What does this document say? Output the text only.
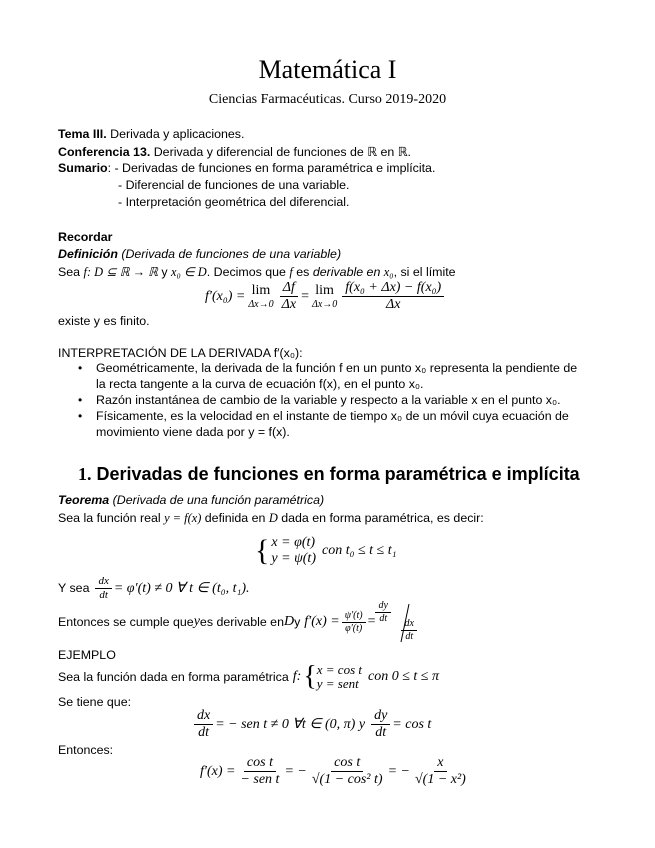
Matemática I
Ciencias Farmacéuticas. Curso 2019-2020
Tema III. Derivada y aplicaciones.
Conferencia 13. Derivada y diferencial de funciones de ℝ en ℝ.
Sumario: - Derivadas de funciones en forma paramétrica e implícita.
- Diferencial de funciones de una variable.
- Interpretación geométrica del diferencial.
Recordar
Definición (Derivada de funciones de una variable)
Sea f: D ⊆ ℝ → ℝ y x₀ ∈ D. Decimos que f es derivable en x₀, si el límite
f′(x₀) = lim
$\Delta x\to 0 \frac{\Delta f}{\Delta x} = \lim$
$\Delta x\to 0 \frac{\text{f(x₀ + Δx) − f(x₀)}}{\Delta x}$
existe y es finito.
INTERPRETACIÓN DE LA DERIVADA f′(x₀):
• Geométricamente, la derivada de la función f en un punto x₀ representa la pendiente de
la recta tangente a la curva de ecuación f(x), en el punto x₀.
• Razón instantánea de cambio de la variable y respecto a la variable x en el punto x₀.
• Físicamente, es la velocidad en el instante de tiempo x₀ de un móvil cuya ecuación de
movimiento viene dada por y = f(x).
1. Derivadas de funciones en forma paramétrica e implícita
Teorema (Derivada de una función paramétrica)
Sea la función real y = f(x) definida en D dada en forma paramétrica, es decir:
{ x = φ(t)
y = ψ(t)
con t₀ ≤ t ≤ t₁
Y sea $\frac{dx}{dt} = \varphi'(t) \ne 0$ ∀ t ∈ (t₀, t₁).
Entonces se cumple que y es derivable en D y $f'(x) = \frac{\psi'(t)}{\varphi'(t)} = \frac{dy}{dt}$
$\frac{dx}{dt}$
EJEMPLO
Sea la función dada en forma paramétrica f: { x = cos t
y = sent con 0 ≤ t ≤ π
Se tiene que:
$\frac{dx}{dt}$ = − sen t ≠ 0 ∀t ∈ (0, π) y $\frac{dy}{dt} = \cos t$
Entonces:
$f'(x) = \frac{\text{cos t}}{\text{− sen t}}$ = − $\frac{\text{cos t}}{\text{√(1 − cos² t)}}$ = − $\frac{x}{\text{√(1 − x²)}}$
